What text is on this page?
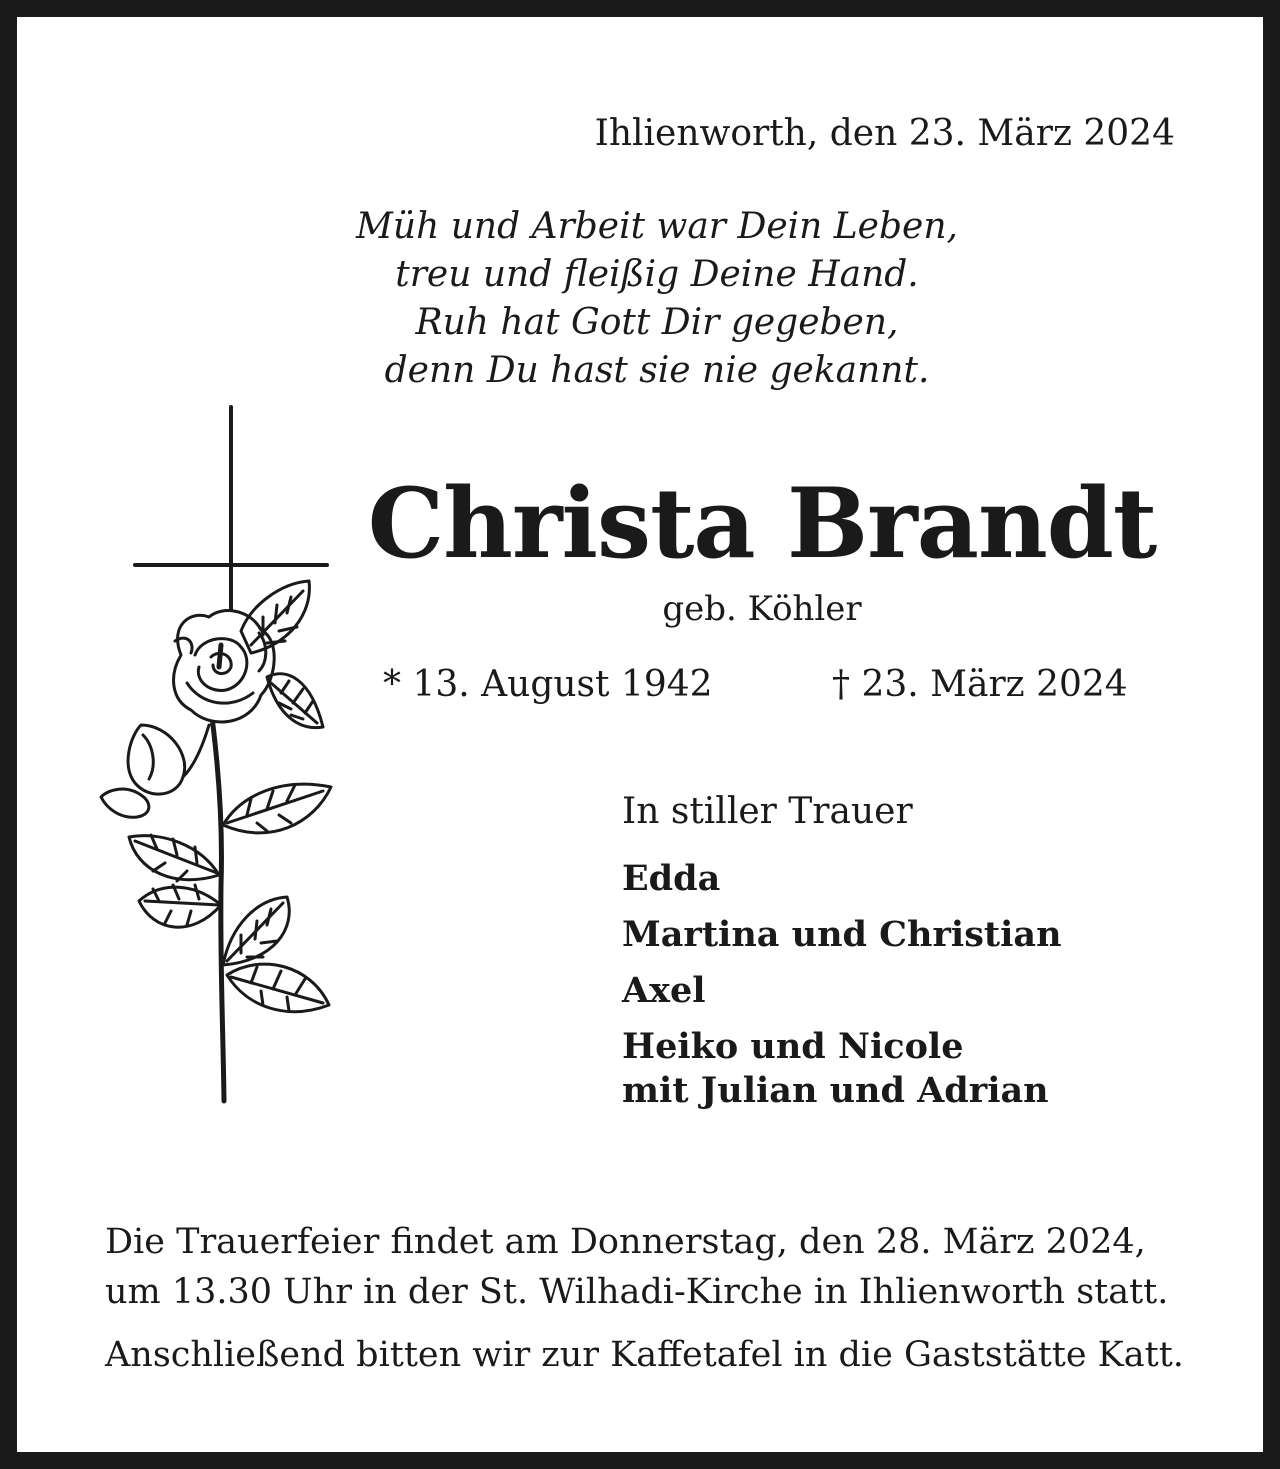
Ihlienworth, den 23. März 2024
Müh und Arbeit war Dein Leben,
treu und fleißig Deine Hand.
Ruh hat Gott Dir gegeben,
denn Du hast sie nie gekannt.
Christa Brandt
geb. Köhler
* 13. August 1942	† 23. März 2024
In stiller Trauer
Edda
Martina und Christian
Axel
Heiko und Nicole
mit Julian und Adrian
Die Trauerfeier findet am Donnerstag, den 28. März 2024,
um 13.30 Uhr in der St. Wilhadi-Kirche in Ihlienworth statt.
Anschließend bitten wir zur Kaffetafel in die Gaststätte Katt.
